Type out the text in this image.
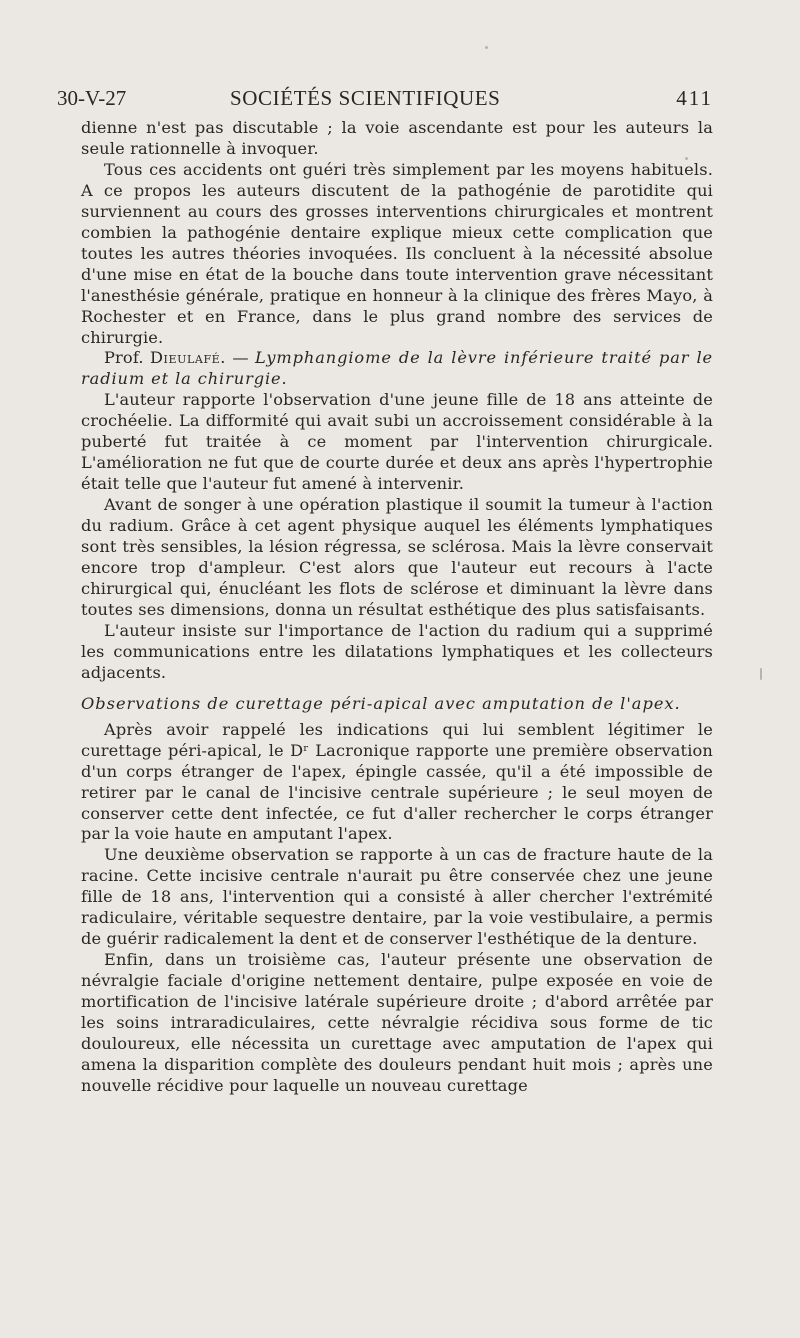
30-V-27	SOCIÉTÉS SCIENTIFIQUES	411

dienne n'est pas discutable ; la voie ascendante est pour les auteurs la seule rationnelle à invoquer.

Tous ces accidents ont guéri très simplement par les moyens habituels. A ce propos les auteurs discutent de la pathogénie de parotidite qui surviennent au cours des grosses interventions chirurgicales et montrent combien la pathogénie dentaire explique mieux cette complication que toutes les autres théories invoquées. Ils concluent à la nécessité absolue d'une mise en état de la bouche dans toute intervention grave nécessitant l'anesthésie générale, pratique en honneur à la clinique des frères Mayo, à Rochester et en France, dans le plus grand nombre des services de chirurgie.

Prof. Dieulafé. — Lymphangiome de la lèvre inférieure traité par le radium et la chirurgie.

L'auteur rapporte l'observation d'une jeune fille de 18 ans atteinte de crochéelie. La difformité qui avait subi un accroissement considérable à la puberté fut traitée à ce moment par l'intervention chirurgicale. L'amélioration ne fut que de courte durée et deux ans après l'hypertrophie était telle que l'auteur fut amené à intervenir.

Avant de songer à une opération plastique il soumit la tumeur à l'action du radium. Grâce à cet agent physique auquel les éléments lymphatiques sont très sensibles, la lésion régressa, se sclérosa. Mais la lèvre conservait encore trop d'ampleur. C'est alors que l'auteur eut recours à l'acte chirurgical qui, énucléant les flots de sclérose et diminuant la lèvre dans toutes ses dimensions, donna un résultat esthétique des plus satisfaisants.

L'auteur insiste sur l'importance de l'action du radium qui a supprimé les communications entre les dilatations lymphatiques et les collecteurs adjacents.

Observations de curettage péri-apical avec amputation de l'apex.

Après avoir rappelé les indications qui lui semblent légitimer le curettage péri-apical, le Dʳ Lacronique rapporte une première observation d'un corps étranger de l'apex, épingle cassée, qu'il a été impossible de retirer par le canal de l'incisive centrale supérieure ; le seul moyen de conserver cette dent infectée, ce fut d'aller rechercher le corps étranger par la voie haute en amputant l'apex.

Une deuxième observation se rapporte à un cas de fracture haute de la racine. Cette incisive centrale n'aurait pu être conservée chez une jeune fille de 18 ans, l'intervention qui a consisté à aller chercher l'extrémité radiculaire, véritable sequestre dentaire, par la voie vestibulaire, a permis de guérir radicalement la dent et de conserver l'esthétique de la denture.

Enfin, dans un troisième cas, l'auteur présente une observation de névralgie faciale d'origine nettement dentaire, pulpe exposée en voie de mortification de l'incisive latérale supérieure droite ; d'abord arrêtée par les soins intraradiculaires, cette névralgie récidiva sous forme de tic douloureux, elle nécessita un curettage avec amputation de l'apex qui amena la disparition complète des douleurs pendant huit mois ; après une nouvelle récidive pour laquelle un nouveau curettage
